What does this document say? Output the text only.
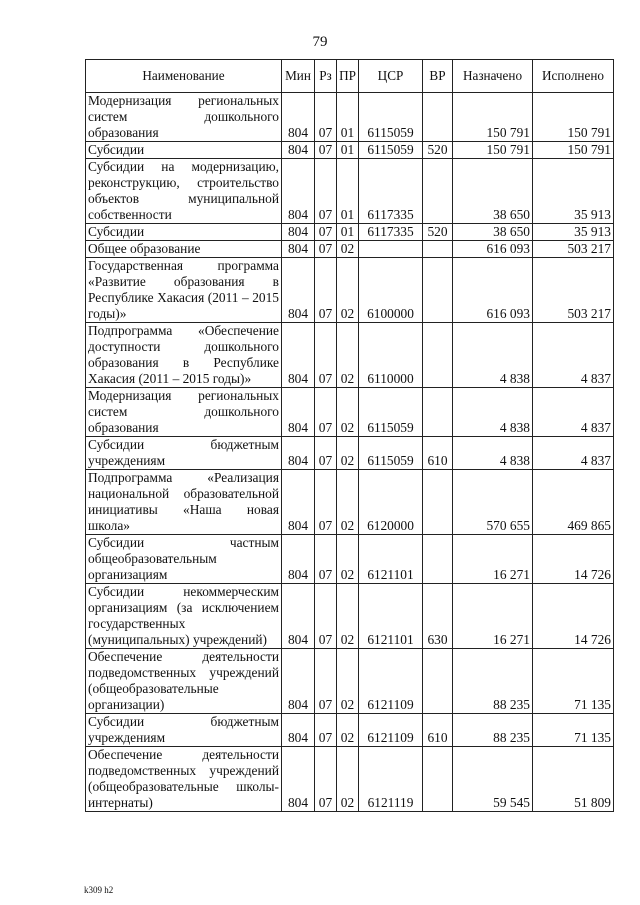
79
Наименование	Мин	Рз	ПР	ЦСР	ВР	Назначено	Исполнено
Модернизация региональных систем дошкольного образования	804	07	01	6115059		150 791	150 791
Субсидии	804	07	01	6115059	520	150 791	150 791
Субсидии на модернизацию, реконструкцию, строительство объектов муниципальной собственности	804	07	01	6117335		38 650	35 913
Субсидии	804	07	01	6117335	520	38 650	35 913
Общее образование	804	07	02			616 093	503 217
Государственная программа «Развитие образования в Республике Хакасия (2011 – 2015 годы)»	804	07	02	6100000		616 093	503 217
Подпрограмма «Обеспечение доступности дошкольного образования в Республике Хакасия (2011 – 2015 годы)»	804	07	02	6110000		4 838	4 837
Модернизация региональных систем дошкольного образования	804	07	02	6115059		4 838	4 837
Субсидии бюджетным учреждениям	804	07	02	6115059	610	4 838	4 837
Подпрограмма «Реализация национальной образовательной инициативы «Наша новая школа»	804	07	02	6120000		570 655	469 865
Субсидии частным общеобразовательным организациям	804	07	02	6121101		16 271	14 726
Субсидии некоммерческим организациям (за исключением государственных (муниципальных) учреждений)	804	07	02	6121101	630	16 271	14 726
Обеспечение деятельности подведомственных учреждений (общеобразовательные организации)	804	07	02	6121109		88 235	71 135
Субсидии бюджетным учреждениям	804	07	02	6121109	610	88 235	71 135
Обеспечение деятельности подведомственных учреждений (общеобразовательные школы-интернаты)	804	07	02	6121119		59 545	51 809
k309 h2
